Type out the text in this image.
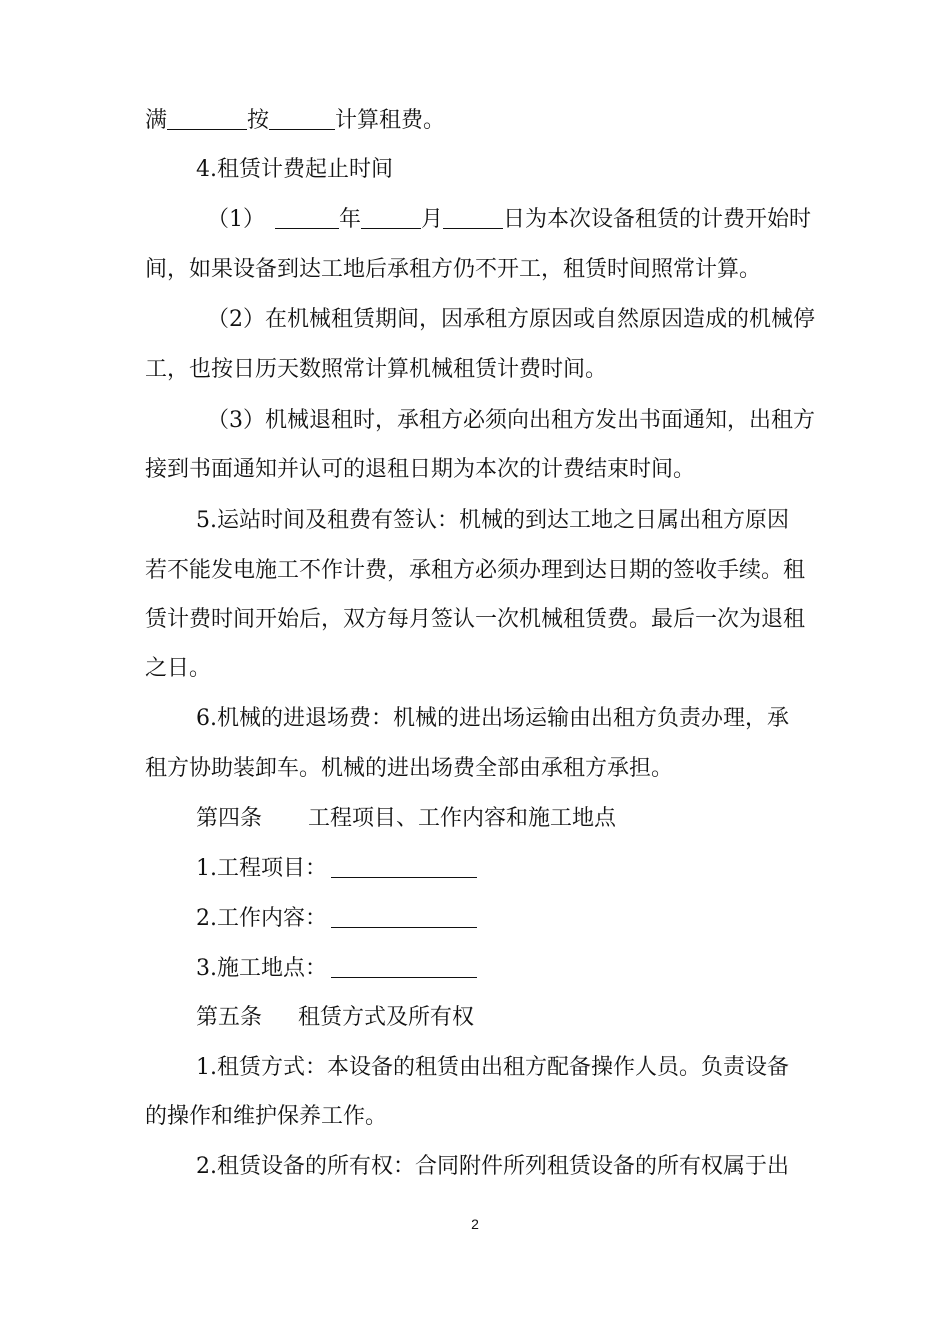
满	按	计算租费。
4.租赁计费起止时间
（1）	年	月	日为本次设备租赁的计费开始时
间，如果设备到达工地后承租方仍不开工，租赁时间照常计算。
（2）在机械租赁期间，因承租方原因或自然原因造成的机械停
工，也按日历天数照常计算机械租赁计费时间。
（3）机械退租时，承租方必须向出租方发出书面通知，出租方
接到书面通知并认可的退租日期为本次的计费结束时间。
5.运站时间及租费有签认：机械的到达工地之日属出租方原因
若不能发电施工不作计费，承租方必须办理到达日期的签收手续。租
赁计费时间开始后，双方每月签认一次机械租赁费。最后一次为退租
之日。
6.机械的进退场费：机械的进出场运输由出租方负责办理，承
租方协助装卸车。机械的进出场费全部由承租方承担。
第四条 工程项目、工作内容和施工地点
1.工程项目：
2.工作内容：
3.施工地点：
第五条 租赁方式及所有权
1.租赁方式：本设备的租赁由出租方配备操作人员。负责设备
的操作和维护保养工作。
2.租赁设备的所有权：合同附件所列租赁设备的所有权属于出
2
